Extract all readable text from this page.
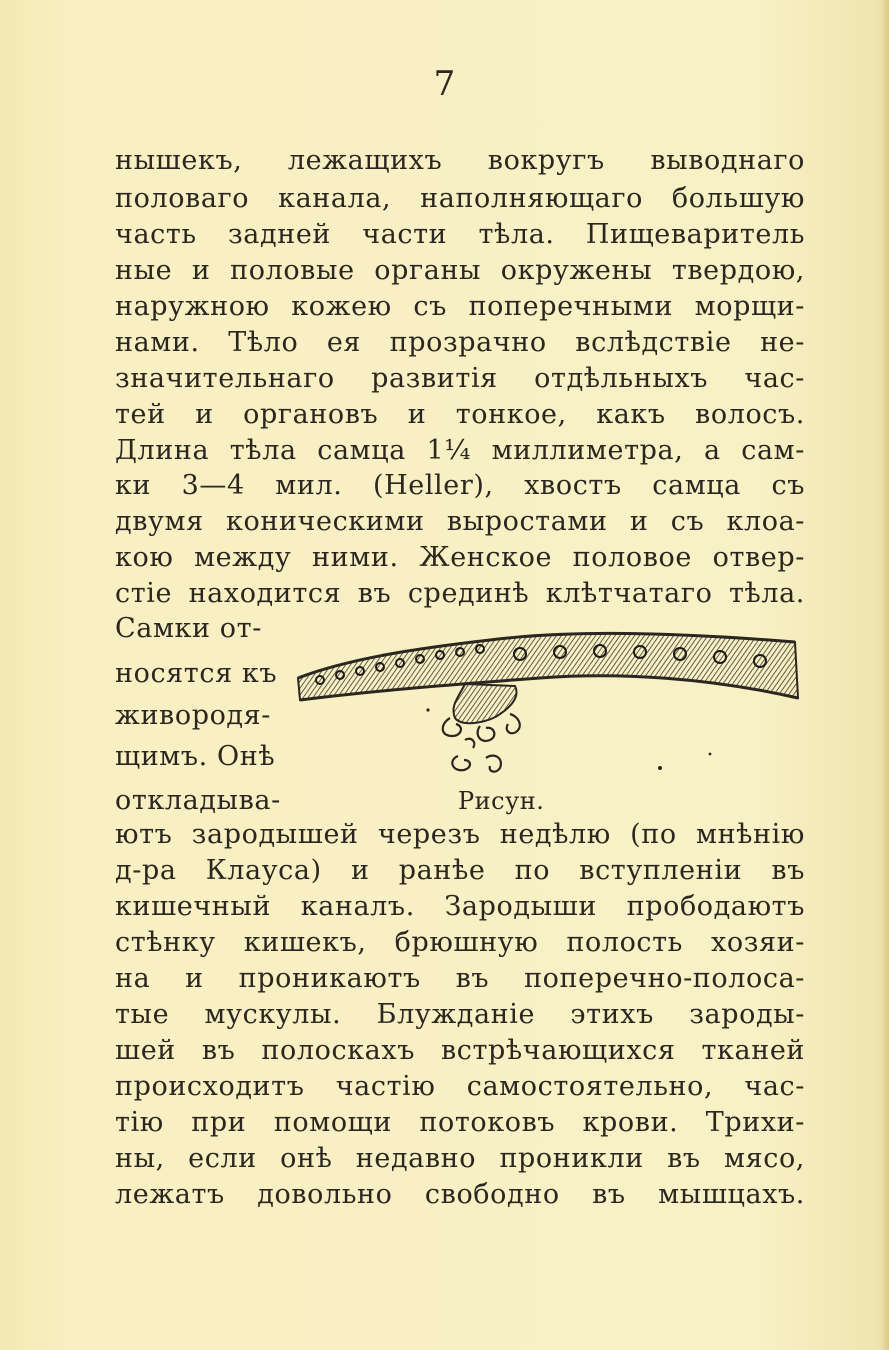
7
нышекъ, лежащихъ вокругъ выводнаго
половаго канала, наполняющаго большую
часть задней части тѣла. Пищеваритель
ные и половые органы окружены твердою,
наружною кожею съ поперечными морщи-
нами. Тѣло ея прозрачно вслѣдствіе не-
значительнаго развитія отдѣльныхъ час-
тей и органовъ и тонкое, какъ волосъ.
Длина тѣла самца 1¼ миллиметра, а сам-
ки 3—4 мил. (Heller), хвостъ самца съ
двумя коническими выростами и съ клоа-
кою между ними. Женское половое отвер-
стіе находится въ срединѣ клѣтчатаго тѣла.
Самки от-
носятся къ
живородя-
щимъ. Онѣ
откладыва-	Рисун.
ютъ зародышей черезъ недѣлю (по мнѣнію
д-ра Клауса) и ранѣе по вступленіи въ
кишечный каналъ. Зародыши прободаютъ
стѣнку кишекъ, брюшную полость хозяи-
на и проникаютъ въ поперечно-полоса-
тые мускулы. Блужданіе этихъ зароды-
шей въ полоскахъ встрѣчающихся тканей
происходитъ частію самостоятельно, час-
тію при помощи потоковъ крови. Трихи-
ны, если онѣ недавно проникли въ мясо,
лежатъ довольно свободно въ мышцахъ.
